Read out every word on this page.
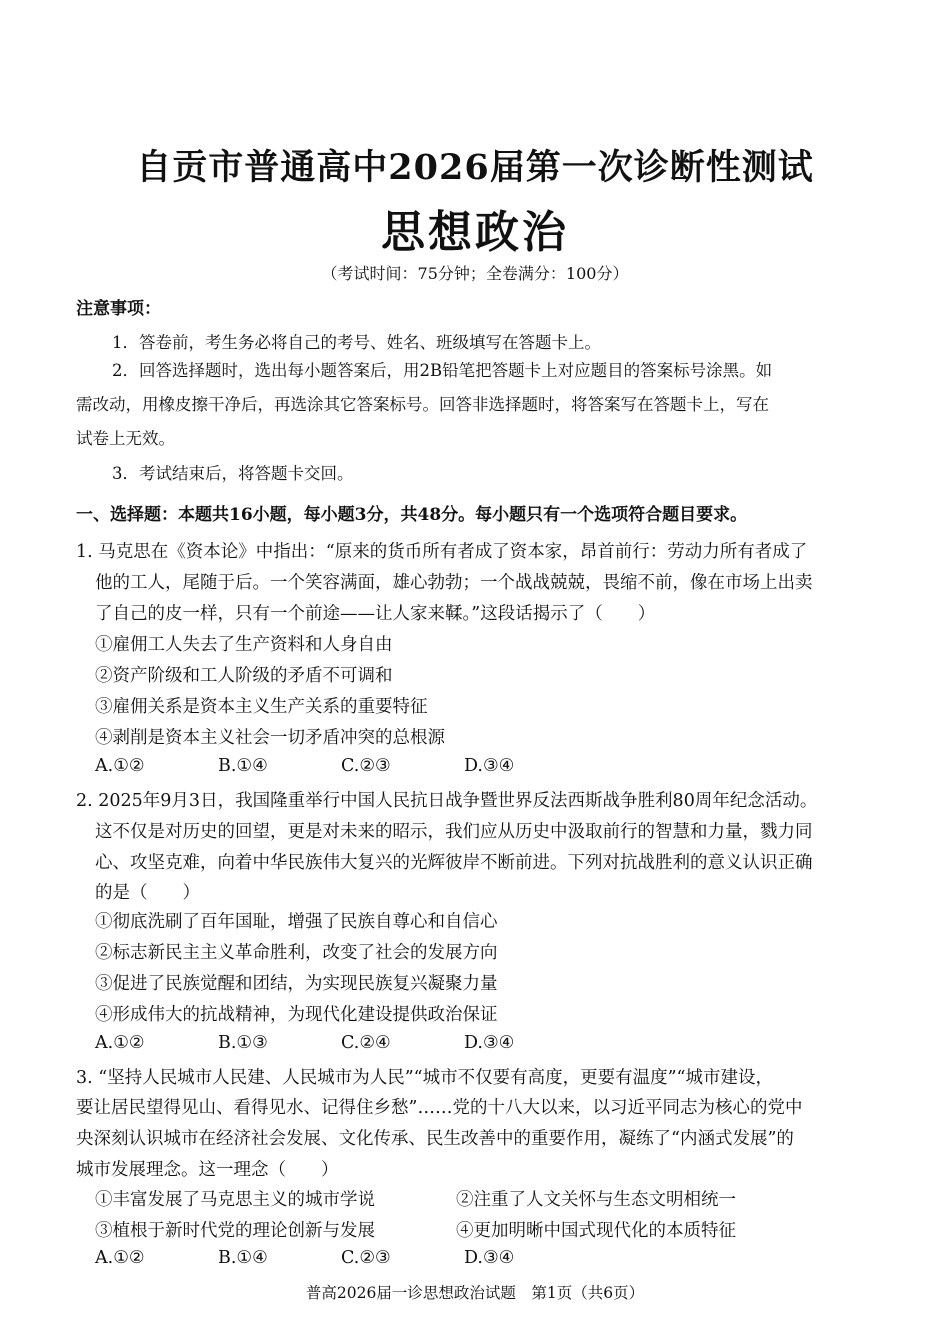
自贡市普通高中2026届第一次诊断性测试
思想政治
（考试时间：75分钟；全卷满分：100分）
注意事项：
1．答卷前，考生务必将自己的考号、姓名、班级填写在答题卡上。
2．回答选择题时，选出每小题答案后，用2B铅笔把答题卡上对应题目的答案标号涂黑。如
需改动，用橡皮擦干净后，再选涂其它答案标号。回答非选择题时，将答案写在答题卡上，写在
试卷上无效。
3．考试结束后，将答题卡交回。
一、选择题：本题共16小题，每小题3分，共48分。每小题只有一个选项符合题目要求。
1. 马克思在《资本论》中指出：“原来的货币所有者成了资本家，昂首前行：劳动力所有者成了
他的工人，尾随于后。一个笑容满面，雄心勃勃；一个战战兢兢，畏缩不前，像在市场上出卖
了自己的皮一样，只有一个前途——让人家来鞣。”这段话揭示了（　　）
①雇佣工人失去了生产资料和人身自由
②资产阶级和工人阶级的矛盾不可调和
③雇佣关系是资本主义生产关系的重要特征
④剥削是资本主义社会一切矛盾冲突的总根源
A.①②	B.①④	C.②③	D.③④
2. 2025年9月3日，我国隆重举行中国人民抗日战争暨世界反法西斯战争胜利80周年纪念活动。
这不仅是对历史的回望，更是对未来的昭示，我们应从历史中汲取前行的智慧和力量，戮力同
心、攻坚克难，向着中华民族伟大复兴的光辉彼岸不断前进。下列对抗战胜利的意义认识正确
的是（　　）
①彻底洗刷了百年国耻，增强了民族自尊心和自信心
②标志新民主主义革命胜利，改变了社会的发展方向
③促进了民族觉醒和团结，为实现民族复兴凝聚力量
④形成伟大的抗战精神，为现代化建设提供政治保证
A.①②	B.①③	C.②④	D.③④
3. “坚持人民城市人民建、人民城市为人民”“城市不仅要有高度，更要有温度”“城市建设，
要让居民望得见山、看得见水、记得住乡愁”……党的十八大以来，以习近平同志为核心的党中
央深刻认识城市在经济社会发展、文化传承、民生改善中的重要作用，凝练了“内涵式发展”的
城市发展理念。这一理念（　　）
①丰富发展了马克思主义的城市学说	②注重了人文关怀与生态文明相统一
③植根于新时代党的理论创新与发展	④更加明晰中国式现代化的本质特征
A.①②	B.①④	C.②③	D.③④
普高2026届一诊思想政治试题　第1页（共6页）
